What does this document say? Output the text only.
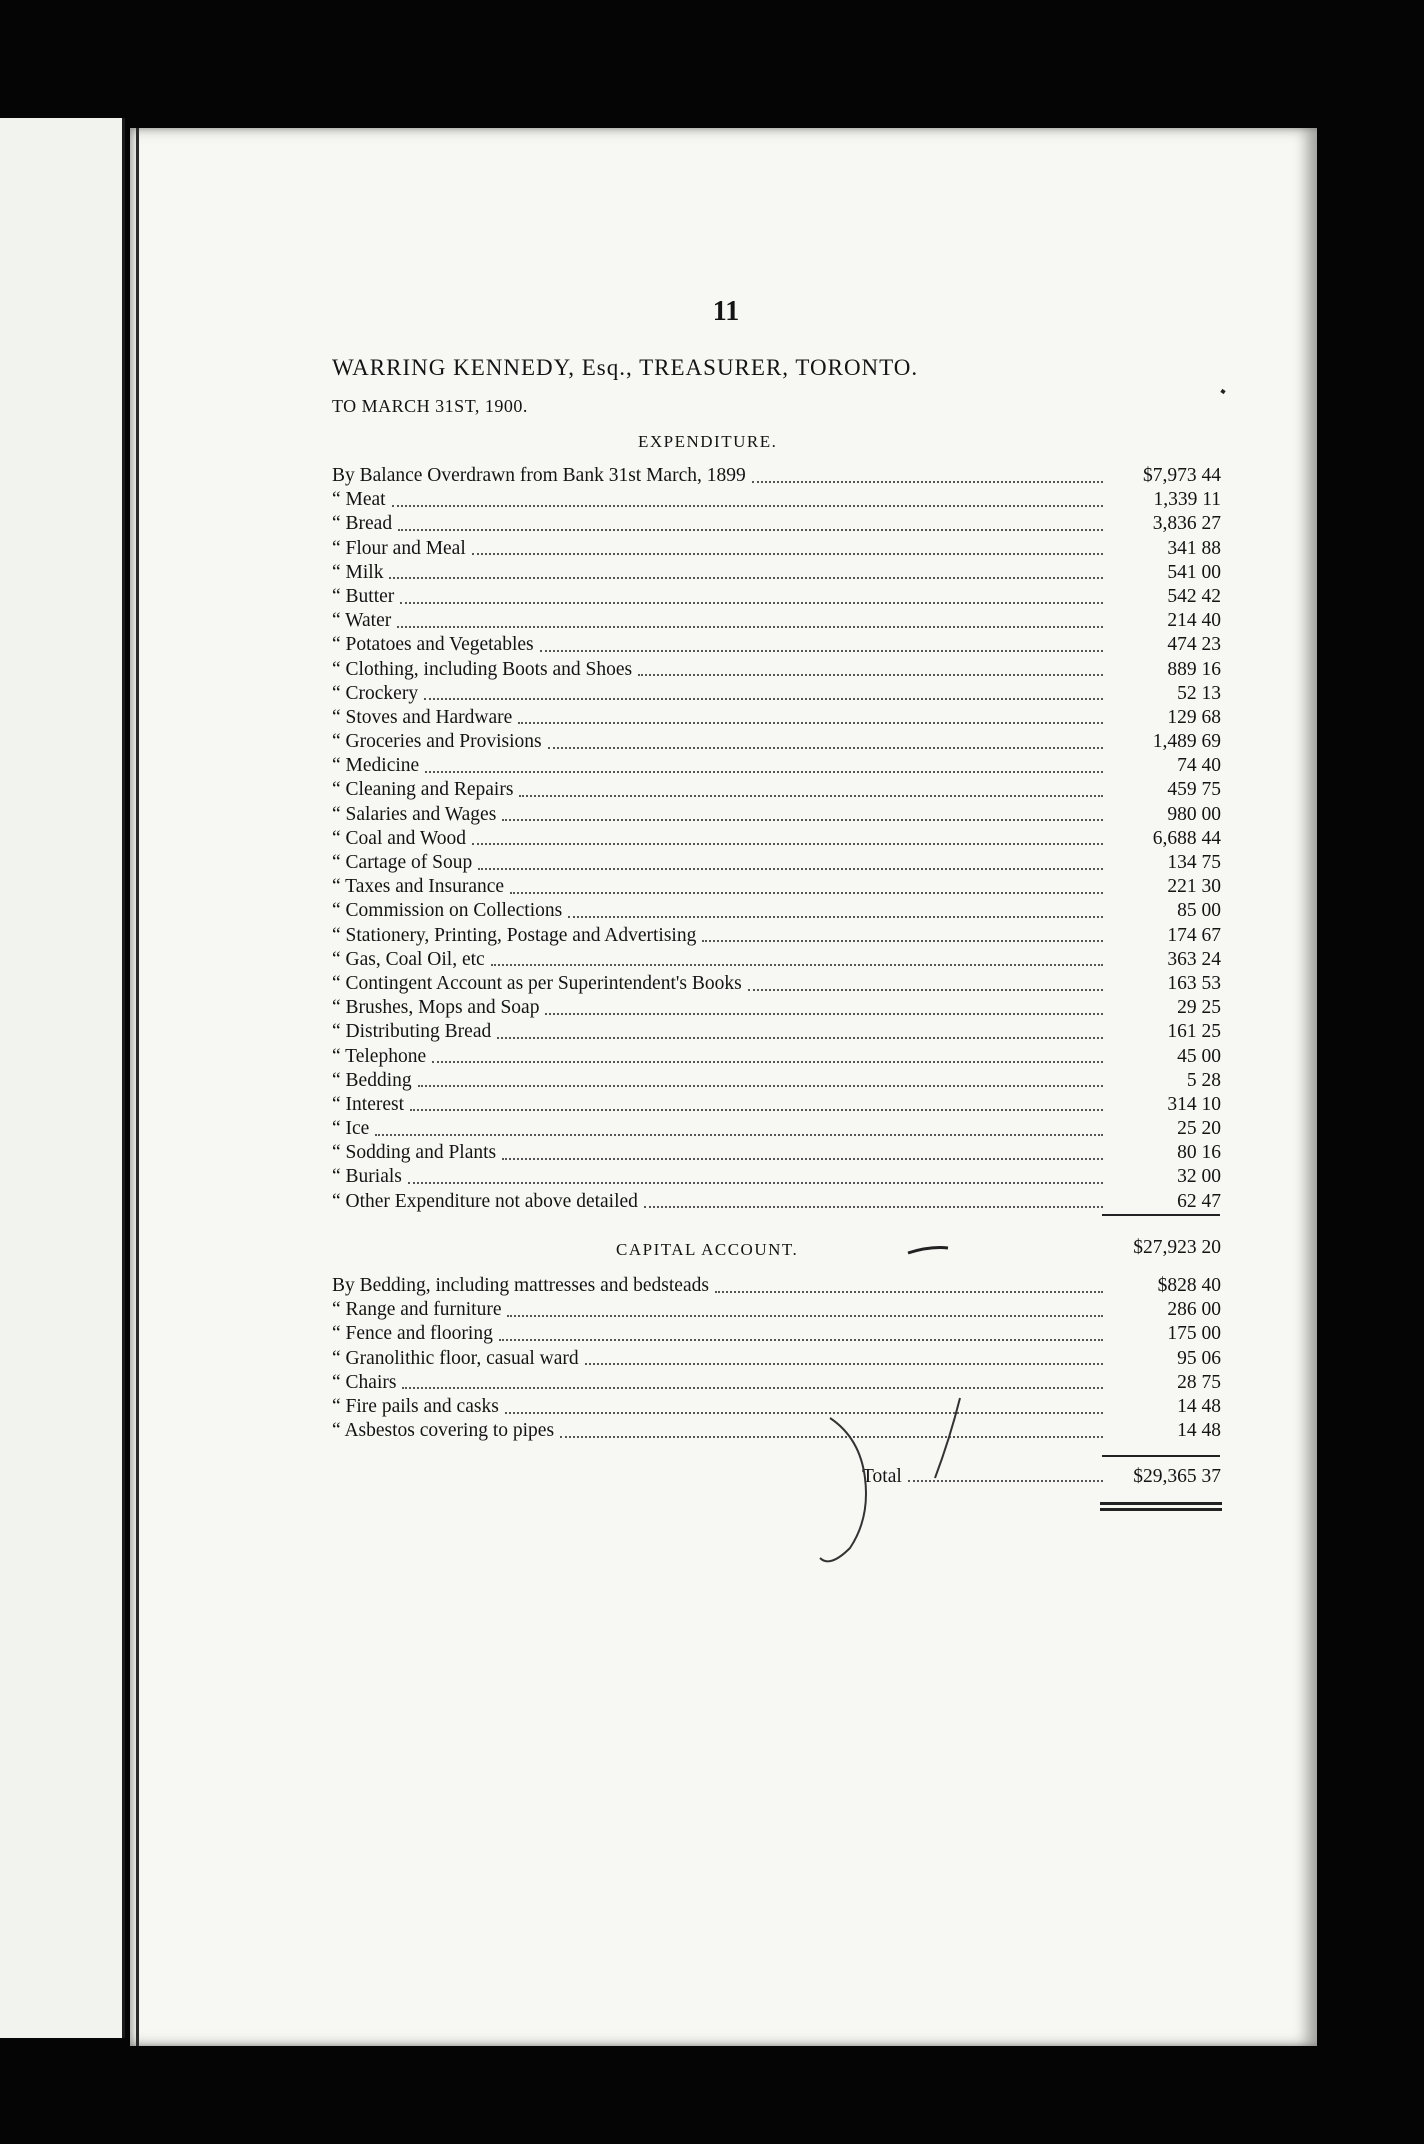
11
WARRING KENNEDY, Esq., TREASURER, TORONTO.
TO MARCH 31ST, 1900.
EXPENDITURE.
By Balance Overdrawn from Bank 31st March, 1899	$7,973 44
“ Meat	1,339 11
“ Bread	3,836 27
“ Flour and Meal	341 88
“ Milk	541 00
“ Butter	542 42
“ Water	214 40
“ Potatoes and Vegetables	474 23
“ Clothing, including Boots and Shoes	889 16
“ Crockery	52 13
“ Stoves and Hardware	129 68
“ Groceries and Provisions	1,489 69
“ Medicine	74 40
“ Cleaning and Repairs	459 75
“ Salaries and Wages	980 00
“ Coal and Wood	6,688 44
“ Cartage of Soup	134 75
“ Taxes and Insurance	221 30
“ Commission on Collections	85 00
“ Stationery, Printing, Postage and Advertising	174 67
“ Gas, Coal Oil, etc	363 24
“ Contingent Account as per Superintendent's Books	163 53
“ Brushes, Mops and Soap	29 25
“ Distributing Bread	161 25
“ Telephone	45 00
“ Bedding	5 28
“ Interest	314 10
“ Ice	25 20
“ Sodding and Plants	80 16
“ Burials	32 00
“ Other Expenditure not above detailed	62 47
CAPITAL ACCOUNT.	$27,923 20
By Bedding, including mattresses and bedsteads	$828 40
“ Range and furniture	286 00
“ Fence and flooring	175 00
“ Granolithic floor, casual ward	95 06
“ Chairs	28 75
“ Fire pails and casks	14 48
“ Asbestos covering to pipes	14 48
Total	$29,365 37
